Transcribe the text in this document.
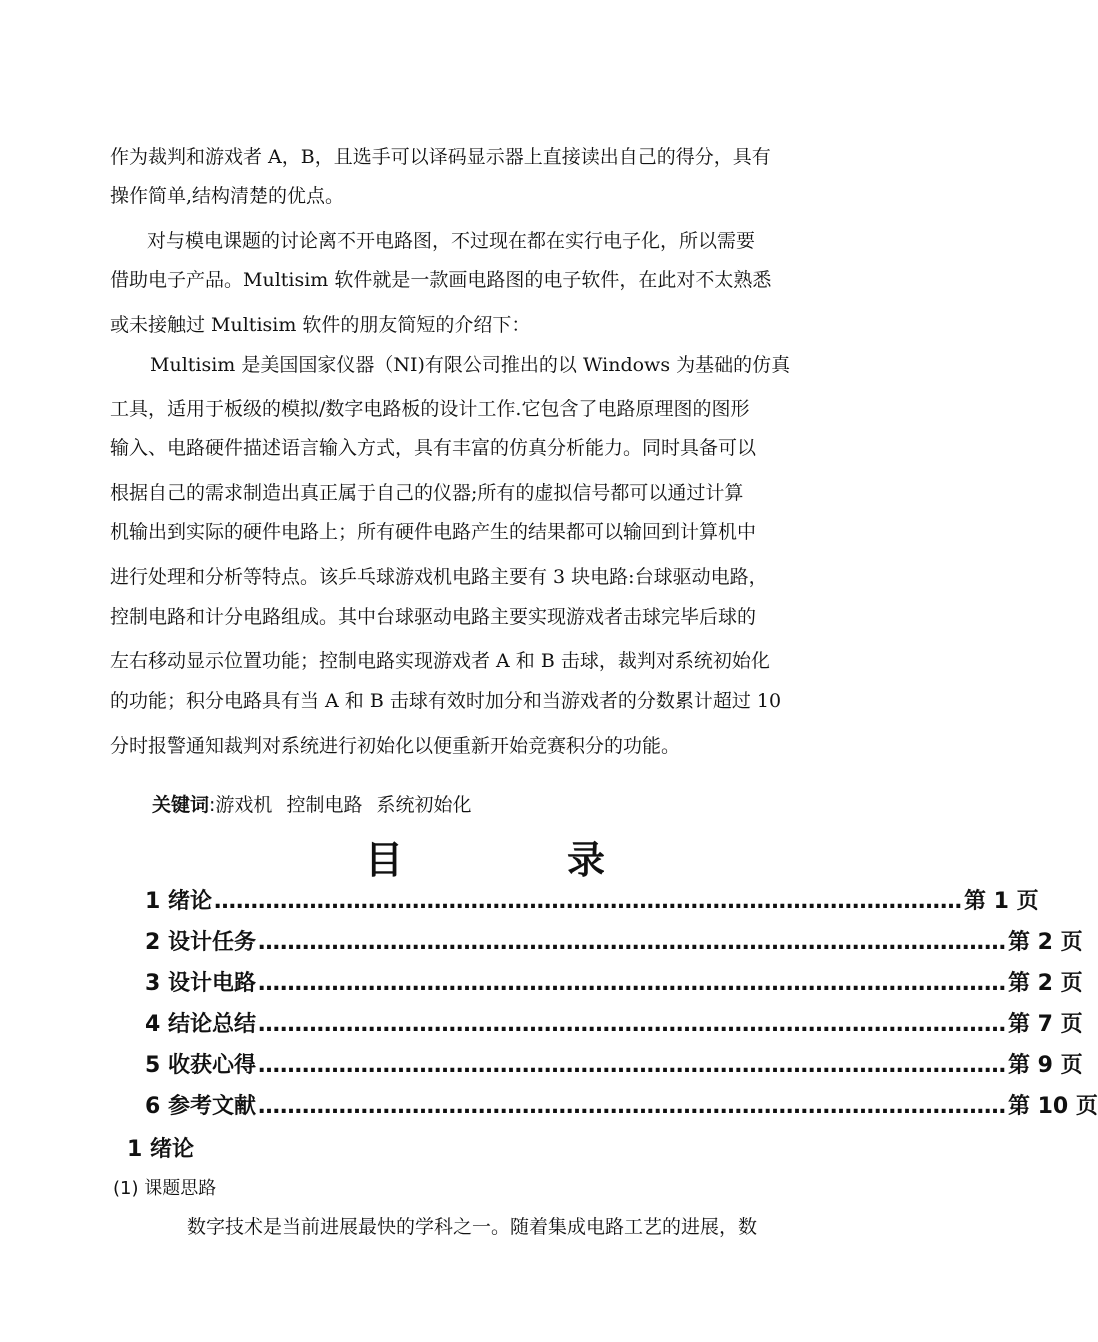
作为裁判和游戏者 A，B，且选手可以译码显示器上直接读出自己的得分，具有
操作简单,结构清楚的优点。
对与模电课题的讨论离不开电路图，不过现在都在实行电子化，所以需要
借助电子产品。Multisim 软件就是一款画电路图的电子软件，在此对不太熟悉
或未接触过 Multisim 软件的朋友简短的介绍下：
Multisim 是美国国家仪器（NI)有限公司推出的以 Windows 为基础的仿真
工具，适用于板级的模拟/数字电路板的设计工作.它包含了电路原理图的图形
输入、电路硬件描述语言输入方式，具有丰富的仿真分析能力。同时具备可以
根据自己的需求制造出真正属于自己的仪器;所有的虚拟信号都可以通过计算
机输出到实际的硬件电路上；所有硬件电路产生的结果都可以输回到计算机中
进行处理和分析等特点。该乒乓球游戏机电路主要有 3 块电路:台球驱动电路，
控制电路和计分电路组成。其中台球驱动电路主要实现游戏者击球完毕后球的
左右移动显示位置功能；控制电路实现游戏者 A 和 B 击球，裁判对系统初始化
的功能；积分电路具有当 A 和 B 击球有效时加分和当游戏者的分数累计超过 10
分时报警通知裁判对系统进行初始化以便重新开始竞赛积分的功能。
关键词:游戏机 控制电路 系统初始化
目	录
1 绪论 ………………………………………………………………………………………… 第 1 页
2 设计任务 ………………………………………………………………………………………… 第 2 页
3 设计电路 ………………………………………………………………………………………… 第 2 页
4 结论总结 ………………………………………………………………………………………… 第 7 页
5 收获心得 ………………………………………………………………………………………… 第 9 页
6 参考文献 ………………………………………………………………………………………… 第 10 页
1 绪论
(1) 课题思路
数字技术是当前进展最快的学科之一。随着集成电路工艺的进展，数
